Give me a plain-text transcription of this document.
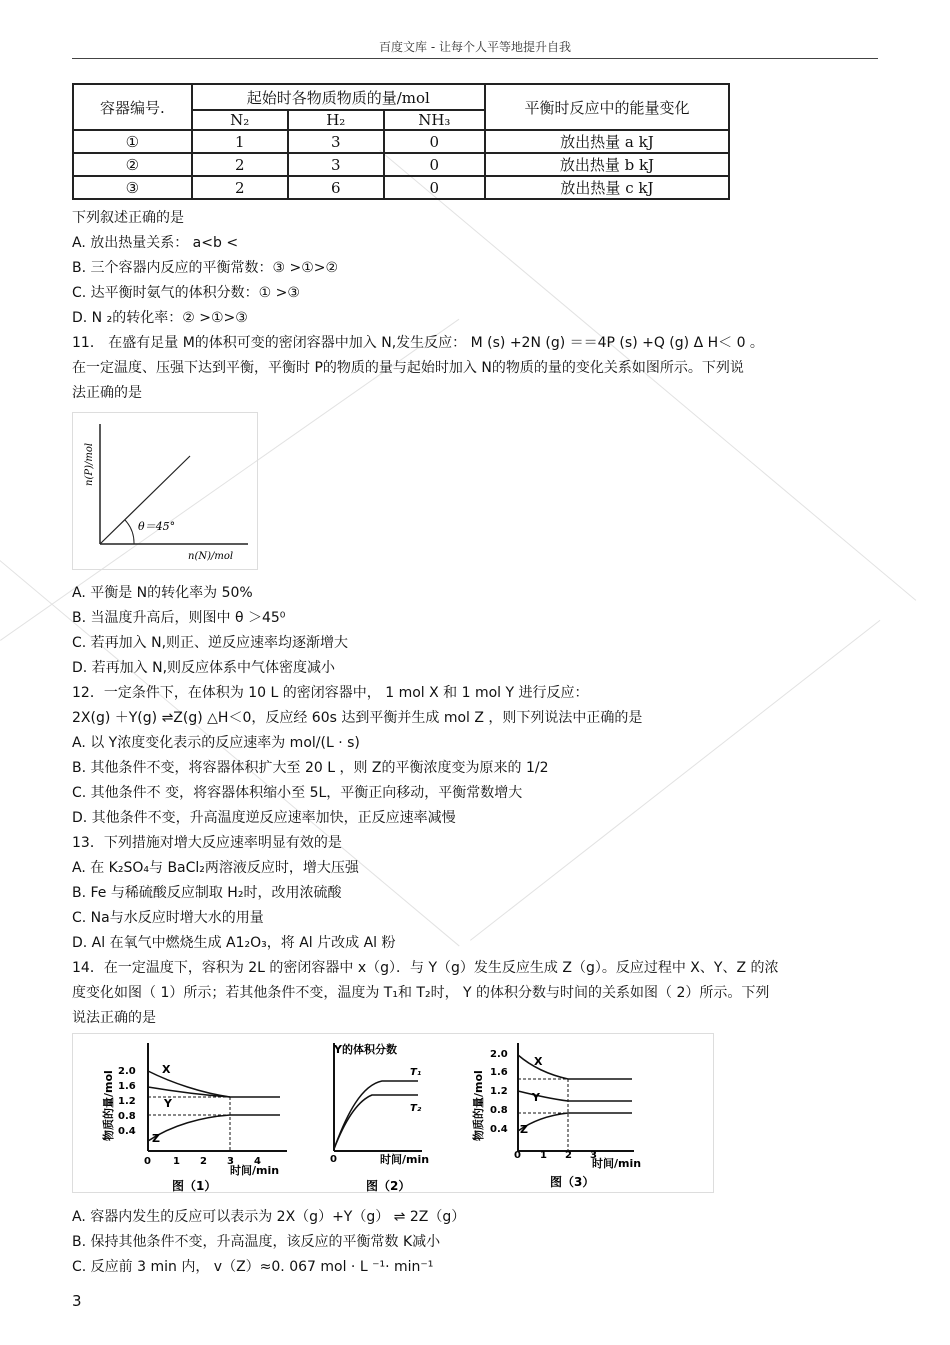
百度文库 - 让每个人平等地提升自我
容器编号.	起始时各物质物质的量/mol			平衡时反应中的能量变化
	N₂	H₂	NH₃	
①	1	3	0	放出热量 a kJ
②	2	3	0	放出热量 b kJ
③	2	6	0	放出热量 c kJ
下列叙述正确的是
A. 放出热量关系： a<b <
B. 三个容器内反应的平衡常数：③ >①>②
C. 达平衡时氨气的体积分数：① >③
D. N ₂的转化率：② >①>③
11． 在盛有足量 M的体积可变的密闭容器中加入 N,发生反应： M (s) +2N (g) ＝＝4P (s) +Q (g) Δ H＜ 0 。
在一定温度、压强下达到平衡，平衡时 P的物质的量与起始时加入 N的物质的量的变化关系如图所示。下列说
法正确的是
θ＝45°
n(P)/mol
n(N)/mol
A. 平衡是 N的转化率为 50%
B. 当温度升高后，则图中 θ ＞45⁰
C. 若再加入 N,则正、逆反应速率均逐渐增大
D. 若再加入 N,则反应体系中气体密度减小
12．一定条件下，在体积为 10 L 的密闭容器中， 1 mol X 和 1 mol Y 进行反应：
2X(g) ＋Y(g) ⇌Z(g) △H＜0，反应经 60s 达到平衡并生成 mol Z ，则下列说法中正确的是
A. 以 Y浓度变化表示的反应速率为 mol/(L · s)
B. 其他条件不变，将容器体积扩大至 20 L ，则 Z的平衡浓度变为原来的 1/2
C. 其他条件不 变，将容器体积缩小至 5L，平衡正向移动，平衡常数增大
D. 其他条件不变，升高温度逆反应速率加快，正反应速率减慢
13．下列措施对增大反应速率明显有效的是
A. 在 K₂SO₄与 BaCl₂两溶液反应时，增大压强
B. Fe 与稀硫酸反应制取 H₂时，改用浓硫酸
C. Na与水反应时增大水的用量
D. Al 在氧气中燃烧生成 A1₂O₃，将 Al 片改成 Al 粉
14．在一定温度下，容积为 2L 的密闭容器中 x（g）．与 Y（g）发生反应生成 Z（g）。反应过程中 X、Y、Z 的浓
度变化如图（ 1）所示；若其他条件不变，温度为 T₁和 T₂时， Y 的体积分数与时间的关系如图（ 2）所示。下列
说法正确的是
物质的量/mol 2.0
1.6
1.2
0.8
0.4
0 1 2 3 4
时间/min
X
Y
Z
图（1）
Y的体积分数
0
T₁
T₂
时间/min
图（2）
物质的量/mol
2.0
1.6
1.2
0.8
0.4
0 1 2 3
时间/min
X
Y
Z
图（3）
A. 容器内发生的反应可以表示为 2X（g）+Y（g） ⇌ 2Z（g）
B. 保持其他条件不变，升高温度，该反应的平衡常数 K减小
C. 反应前 3 min 内， v（Z）≈0. 067 mol · L ⁻¹· min⁻¹
3
